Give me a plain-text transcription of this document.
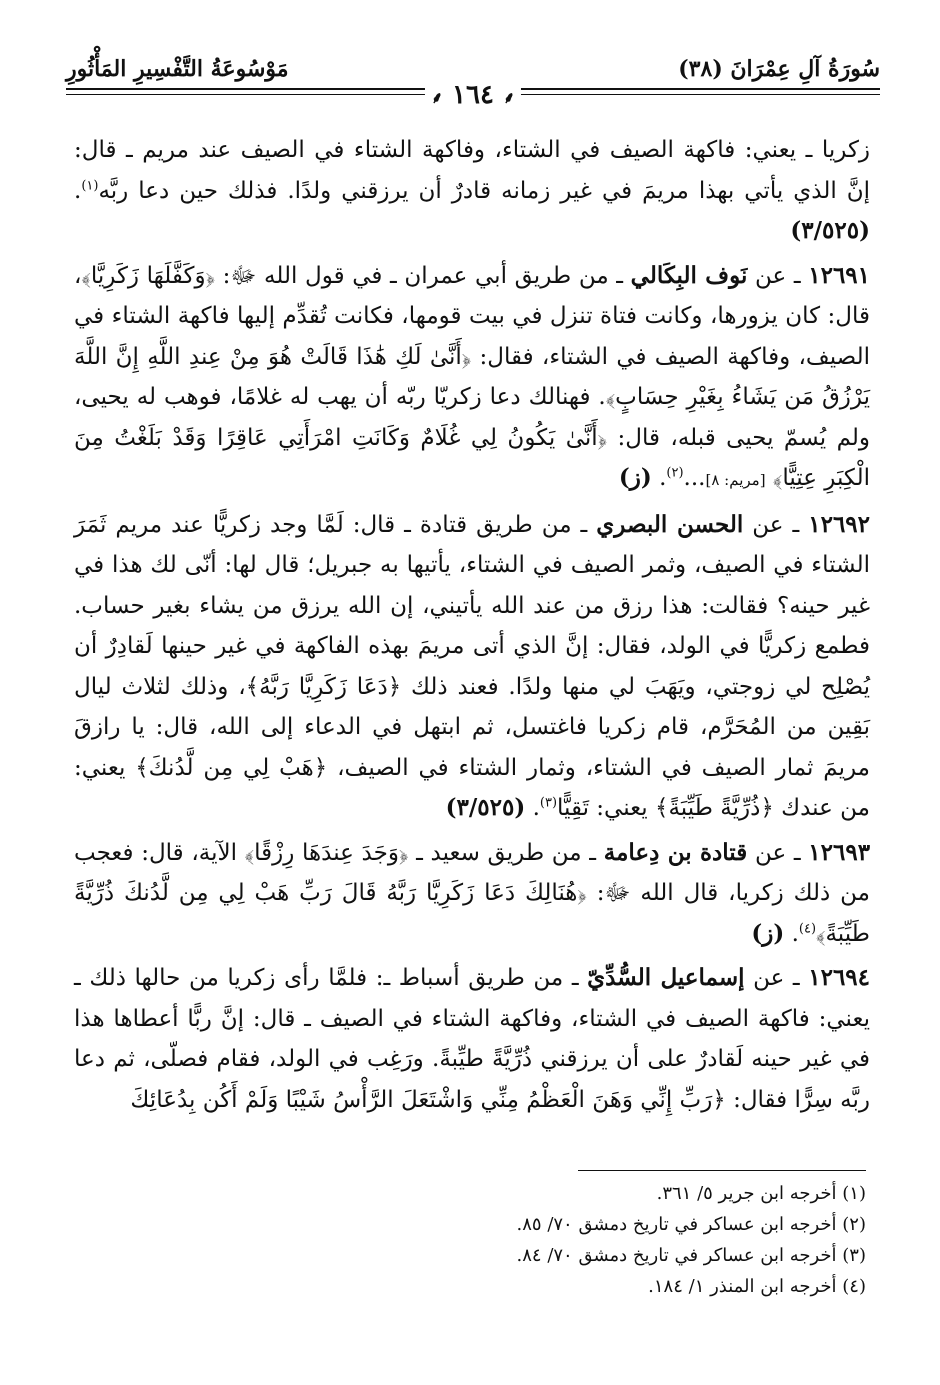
سُورَةُ آلِ عِمْرَانَ (٣٨)
مَوْسُوعَةُ التَّفْسِيرِ المَأْثُورِ
⸙ ١٦٤ ⸙

زكريا ـ يعني: فاكهة الصيف في الشتاء، وفاكهة الشتاء في الصيف عند مريم ـ قال: إنَّ الذي يأتي بهذا مريمَ في غير زمانه قادرٌ أن يرزقني ولدًا. فذلك حين دعا ربَّه$^{(١)}$. (٣/٥٢٥)

١٢٦٩١ ـ عن نَوف البِكَالي ـ من طريق أبي عمران ـ في قول الله ﷻ: ﴿وَكَفَّلَهَا زَكَرِيَّا﴾، قال: كان يزورها، وكانت فتاة تنزل في بيت قومها، فكانت تُقدِّم إليها فاكهة الشتاء في الصيف، وفاكهة الصيف في الشتاء، فقال: ﴿أَنَّىٰ لَكِ هَٰذَا قَالَتْ هُوَ مِنْ عِندِ اللَّهِ إِنَّ اللَّهَ يَرْزُقُ مَن يَشَاءُ بِغَيْرِ حِسَابٍ﴾. فهنالك دعا زكريّا ربّه أن يهب له غلامًا، فوهب له يحيى، ولم يُسمّ يحيى قبله، قال: ﴿أَنَّىٰ يَكُونُ لِي غُلَامٌ وَكَانَتِ امْرَأَتِي عَاقِرًا وَقَدْ بَلَغْتُ مِنَ الْكِبَرِ عِتِيًّا﴾ [مريم: ٨]...$^{(٢)}$. (ز)

١٢٦٩٢ ـ عن الحسن البصري ـ من طريق قتادة ـ قال: لَمَّا وجد زكريًّا عند مريم ثَمَرَ الشتاء في الصيف، وثمر الصيف في الشتاء، يأتيها به جبريل؛ قال لها: أنّى لك هذا في غير حينه؟ فقالت: هذا رزق من عند الله يأتيني، إن الله يرزق من يشاء بغير حساب. فطمع زكريًّا في الولد، فقال: إنَّ الذي أتى مريمَ بهذه الفاكهة في غير حينها لَقادِرٌ أن يُصْلِح لي زوجتي، ويَهَبَ لي منها ولدًا. فعند ذلك ﴿دَعَا زَكَرِيَّا رَبَّهُ﴾، وذلك لثلاث ليال بَقِين من المُحَرَّم، قام زكريا فاغتسل، ثم ابتهل في الدعاء إلى الله، قال: يا رازقَ مريمَ ثمار الصيف في الشتاء، وثمار الشتاء في الصيف، ﴿هَبْ لِي مِن لَّدُنكَ﴾ يعني: من عندك ﴿ذُرِّيَّةً طَيِّبَةً﴾ يعني: تَقِيًّا$^{(٣)}$. (٣/٥٢٥)

١٢٦٩٣ ـ عن قتادة بن دِعامة ـ من طريق سعيد ـ ﴿وَجَدَ عِندَهَا رِزْقًا﴾ الآية، قال: فعجب من ذلك زكريا، قال الله ﷻ: ﴿هُنَالِكَ دَعَا زَكَرِيَّا رَبَّهُ قَالَ رَبِّ هَبْ لِي مِن لَّدُنكَ ذُرِّيَّةً طَيِّبَةً﴾$^{(٤)}$. (ز)

١٢٦٩٤ ـ عن إسماعيل السُّدِّيّ ـ من طريق أسباط ـ: فلمَّا رأى زكريا من حالها ذلك ـ يعني: فاكهة الصيف في الشتاء، وفاكهة الشتاء في الصيف ـ قال: إنَّ ربًّا أعطاها هذا في غير حينه لَقادرٌ على أن يرزقني ذُرِّيَّةً طيِّبةً. ورَغِب في الولد، فقام فصلّى، ثم دعا ربَّه سِرًّا فقال: ﴿رَبِّ إِنِّي وَهَنَ الْعَظْمُ مِنِّي وَاشْتَعَلَ الرَّأْسُ شَيْبًا وَلَمْ أَكُن بِدُعَائِكَ

(١) أخرجه ابن جرير ٥/ ٣٦١.
(٢) أخرجه ابن عساكر في تاريخ دمشق ٧٠/ ٨٥.
(٣) أخرجه ابن عساكر في تاريخ دمشق ٧٠/ ٨٤.
(٤) أخرجه ابن المنذر ١/ ١٨٤.
